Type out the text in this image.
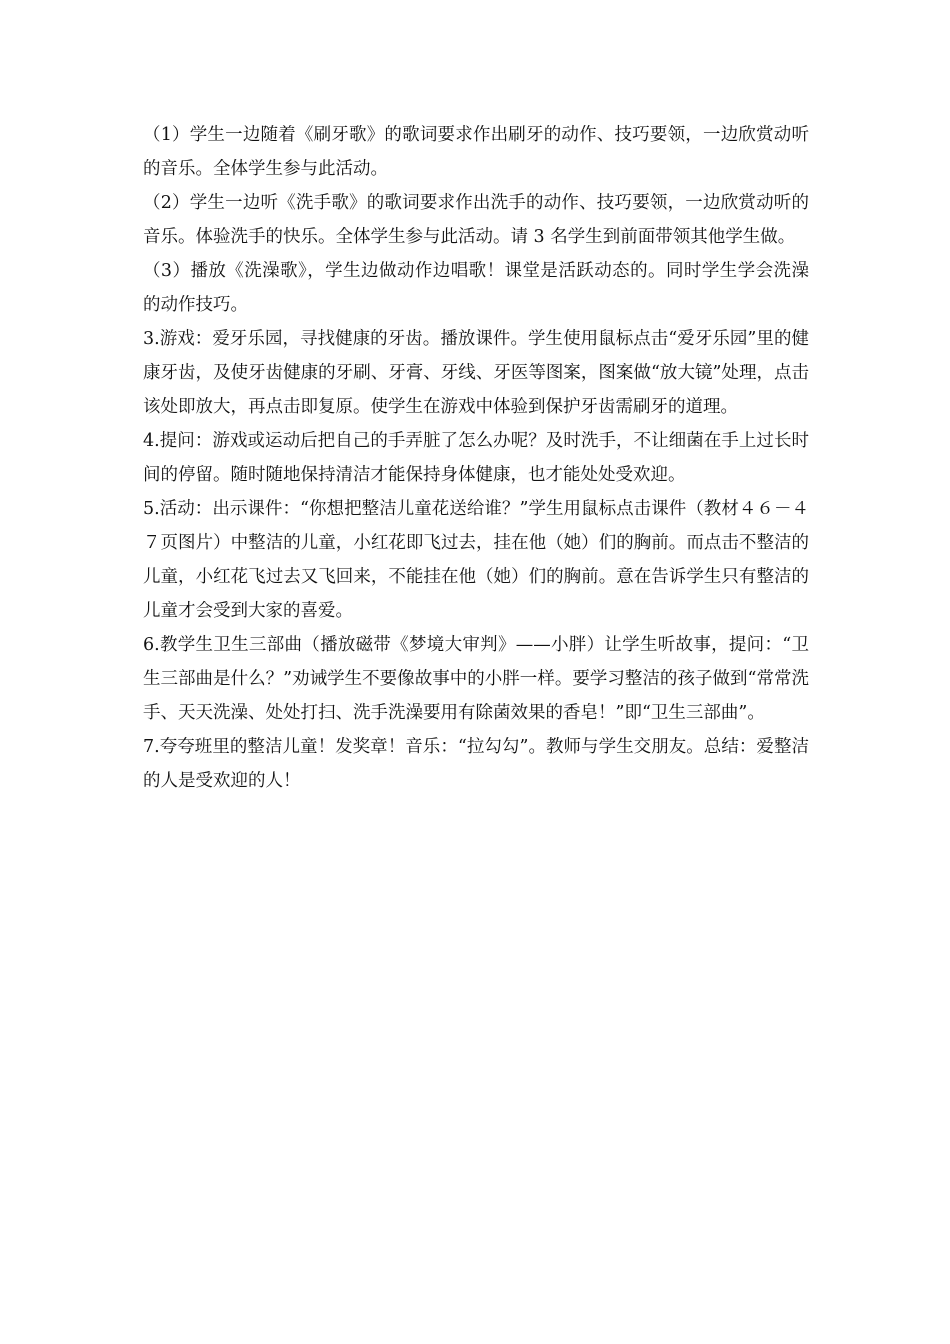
（1）学生一边随着《刷牙歌》的歌词要求作出刷牙的动作、技巧要领，一边欣赏动听的音乐。全体学生参与此活动。

（2）学生一边听《洗手歌》的歌词要求作出洗手的动作、技巧要领，一边欣赏动听的音乐。体验洗手的快乐。全体学生参与此活动。请 3 名学生到前面带领其他学生做。

（3）播放《洗澡歌》，学生边做动作边唱歌！课堂是活跃动态的。同时学生学会洗澡的动作技巧。

3.游戏：爱牙乐园，寻找健康的牙齿。播放课件。学生使用鼠标点击“爱牙乐园”里的健康牙齿，及使牙齿健康的牙刷、牙膏、牙线、牙医等图案，图案做“放大镜”处理，点击该处即放大，再点击即复原。使学生在游戏中体验到保护牙齿需刷牙的道理。

4.提问：游戏或运动后把自己的手弄脏了怎么办呢？及时洗手，不让细菌在手上过长时间的停留。随时随地保持清洁才能保持身体健康，也才能处处受欢迎。

5.活动：出示课件：“你想把整洁儿童花送给谁？”学生用鼠标点击课件（教材４６－４７页图片）中整洁的儿童，小红花即飞过去，挂在他（她）们的胸前。而点击不整洁的儿童，小红花飞过去又飞回来，不能挂在他（她）们的胸前。意在告诉学生只有整洁的儿童才会受到大家的喜爱。

6.教学生卫生三部曲（播放磁带《梦境大审判》——小胖）让学生听故事，提问：“卫生三部曲是什么？”劝诫学生不要像故事中的小胖一样。要学习整洁的孩子做到“常常洗手、天天洗澡、处处打扫、洗手洗澡要用有除菌效果的香皂！”即“卫生三部曲”。

7.夸夸班里的整洁儿童！发奖章！音乐：“拉勾勾”。教师与学生交朋友。总结：爱整洁的人是受欢迎的人！
